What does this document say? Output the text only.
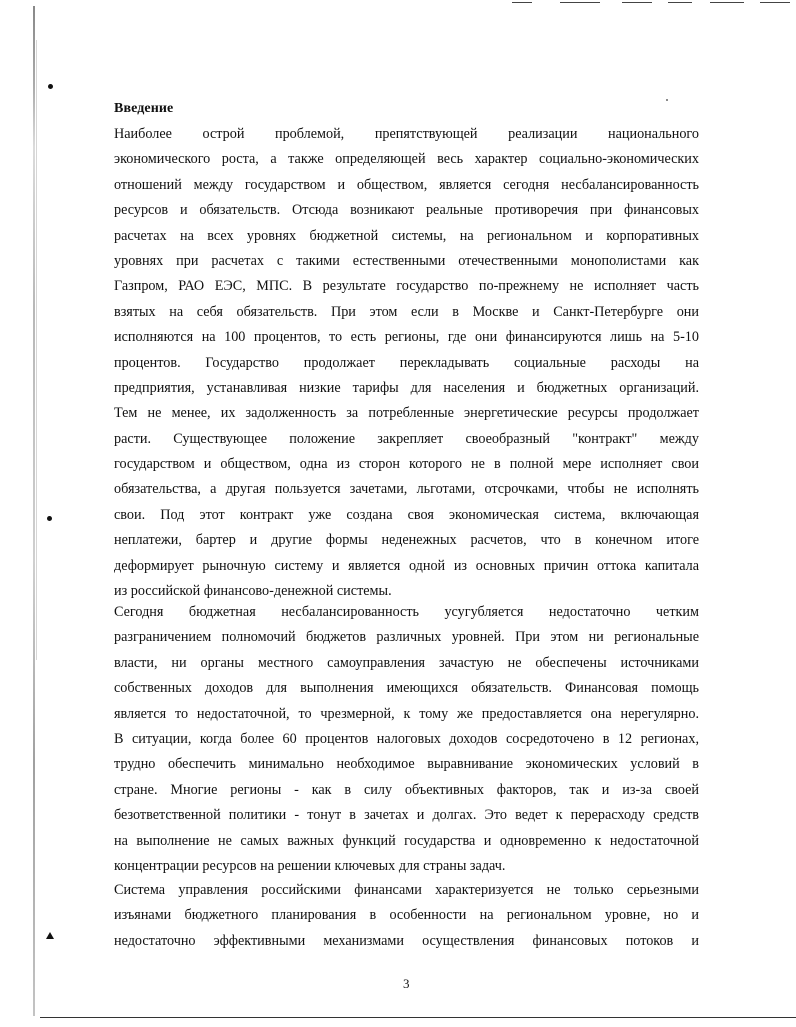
Введение
Наиболее острой проблемой, препятствующей реализации национального
экономического роста, а также определяющей весь характер социально-экономических
отношений между государством и обществом, является сегодня несбалансированность
ресурсов и обязательств. Отсюда возникают реальные противоречия при финансовых
расчетах на всех уровнях бюджетной системы, на региональном и корпоративных
уровнях при расчетах с такими естественными отечественными монополистами как
Газпром, РАО ЕЭС, МПС. В результате государство по-прежнему не исполняет часть
взятых на себя обязательств. При этом если в Москве и Санкт-Петербурге они
исполняются на 100 процентов, то есть регионы, где они финансируются лишь на 5-10
процентов. Государство продолжает перекладывать социальные расходы на
предприятия, устанавливая низкие тарифы для населения и бюджетных организаций.
Тем не менее, их задолженность за потребленные энергетические ресурсы продолжает
расти. Существующее положение закрепляет своеобразный "контракт" между
государством и обществом, одна из сторон которого не в полной мере исполняет свои
обязательства, а другая пользуется зачетами, льготами, отсрочками, чтобы не исполнять
свои. Под этот контракт уже создана своя экономическая система, включающая
неплатежи, бартер и другие формы неденежных расчетов, что в конечном итоге
деформирует рыночную систему и является одной из основных причин оттока капитала
из российской финансово-денежной системы.
Сегодня бюджетная несбалансированность усугубляется недостаточно четким
разграничением полномочий бюджетов различных уровней. При этом ни региональные
власти, ни органы местного самоуправления зачастую не обеспечены источниками
собственных доходов для выполнения имеющихся обязательств. Финансовая помощь
является то недостаточной, то чрезмерной, к тому же предоставляется она нерегулярно.
В ситуации, когда более 60 процентов налоговых доходов сосредоточено в 12 регионах,
трудно обеспечить минимально необходимое выравнивание экономических условий в
стране. Многие регионы - как в силу объективных факторов, так и из-за своей
безответственной политики - тонут в зачетах и долгах. Это ведет к перерасходу средств
на выполнение не самых важных функций государства и одновременно к недостаточной
концентрации ресурсов на решении ключевых для страны задач.
Система управления российскими финансами характеризуется не только серьезными
изъянами бюджетного планирования в особенности на региональном уровне, но и
недостаточно эффективными механизмами осуществления финансовых потоков и
3
